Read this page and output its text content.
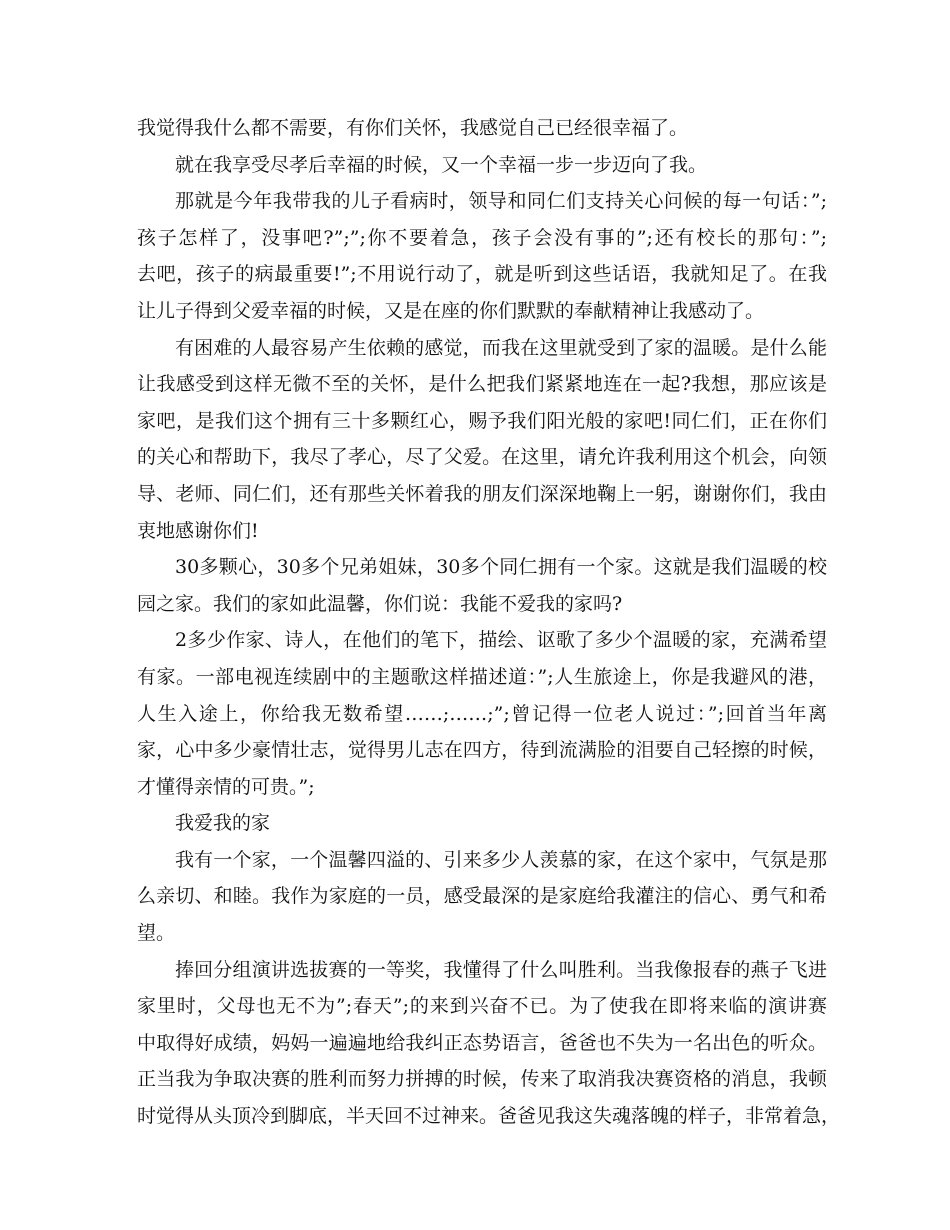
我觉得我什么都不需要，有你们关怀，我感觉自己已经很幸福了。
就在我享受尽孝后幸福的时候，又一个幸福一步一步迈向了我。
那就是今年我带我的儿子看病时，领导和同仁们支持关心问候的每一句话：”;
孩子怎样了，没事吧?”;”;你不要着急，孩子会没有事的”;还有校长的那句：”;
去吧，孩子的病最重要!”;不用说行动了，就是听到这些话语，我就知足了。在我
让儿子得到父爱幸福的时候，又是在座的你们默默的奉献精神让我感动了。
有困难的人最容易产生依赖的感觉，而我在这里就受到了家的温暖。是什么能
让我感受到这样无微不至的关怀，是什么把我们紧紧地连在一起?我想，那应该是
家吧，是我们这个拥有三十多颗红心，赐予我们阳光般的家吧!同仁们，正在你们
的关心和帮助下，我尽了孝心，尽了父爱。在这里，请允许我利用这个机会，向领
导、老师、同仁们，还有那些关怀着我的朋友们深深地鞠上一躬，谢谢你们，我由
衷地感谢你们!
30多颗心，30多个兄弟姐妹，30多个同仁拥有一个家。这就是我们温暖的校
园之家。我们的家如此温馨，你们说：我能不爱我的家吗?
2多少作家、诗人，在他们的笔下，描绘、讴歌了多少个温暖的家，充满希望
有家。一部电视连续剧中的主题歌这样描述道：”;人生旅途上，你是我避风的港，
人生入途上，你给我无数希望……;……;”;曾记得一位老人说过：”;回首当年离
家，心中多少豪情壮志，觉得男儿志在四方，待到流满脸的泪要自己轻擦的时候，
才懂得亲情的可贵。”;
我爱我的家
我有一个家，一个温馨四溢的、引来多少人羡慕的家，在这个家中，气氛是那
么亲切、和睦。我作为家庭的一员，感受最深的是家庭给我灌注的信心、勇气和希
望。
捧回分组演讲选拔赛的一等奖，我懂得了什么叫胜利。当我像报春的燕子飞进
家里时，父母也无不为”;春天”;的来到兴奋不已。为了使我在即将来临的演讲赛
中取得好成绩，妈妈一遍遍地给我纠正态势语言，爸爸也不失为一名出色的听众。
正当我为争取决赛的胜利而努力拼搏的时候，传来了取消我决赛资格的消息，我顿
时觉得从头顶冷到脚底，半天回不过神来。爸爸见我这失魂落魄的样子，非常着急，
